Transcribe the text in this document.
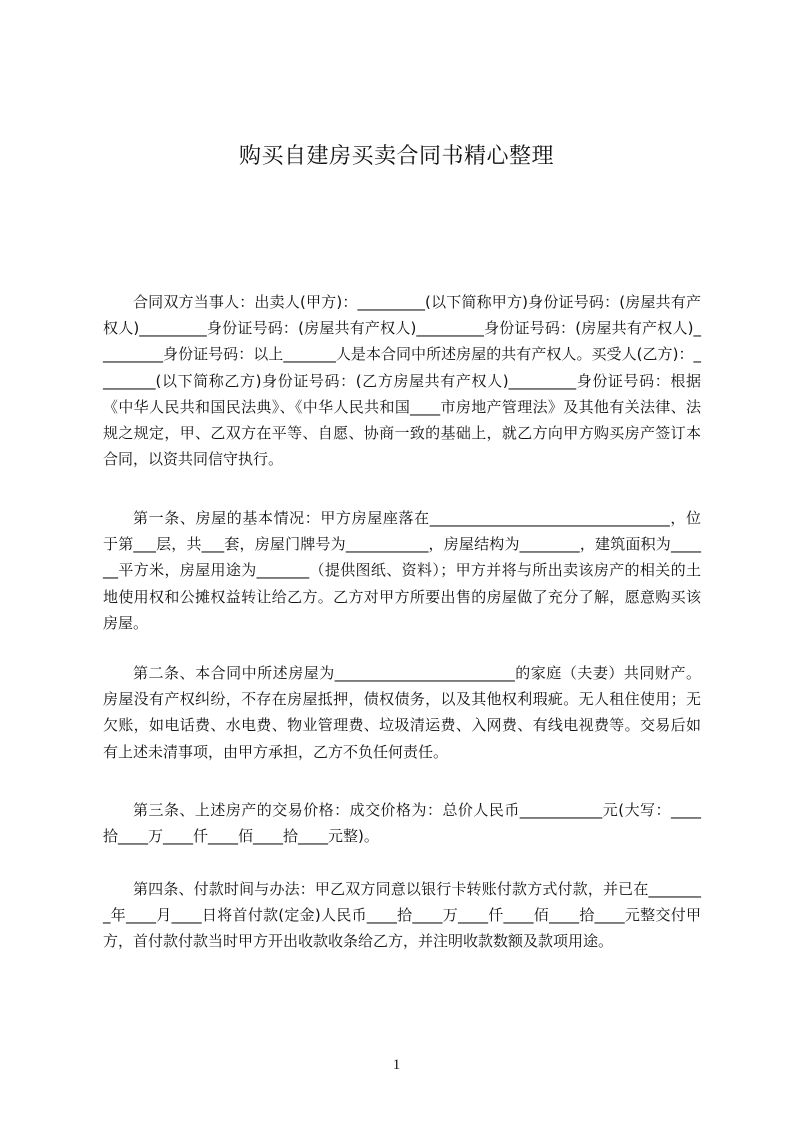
购买自建房买卖合同书精心整理

合同双方当事人：出卖人(甲方)：_________(以下简称甲方)身份证号码：(房屋共有产权人)_________身份证号码：(房屋共有产权人)_________身份证号码：(房屋共有产权人)_________身份证号码：以上_______人是本合同中所述房屋的共有产权人。买受人(乙方)：________(以下简称乙方)身份证号码：(乙方房屋共有产权人)_________身份证号码：根据《中华人民共和国民法典》、《中华人民共和国____市房地产管理法》及其他有关法律、法规之规定，甲、乙双方在平等、自愿、协商一致的基础上，就乙方向甲方购买房产签订本合同，以资共同信守执行。

第一条、房屋的基本情况：甲方房屋座落在________________________________，位于第___层，共___套，房屋门牌号为___________，房屋结构为________，建筑面积为______平方米，房屋用途为_______（提供图纸、资料）；甲方并将与所出卖该房产的相关的土地使用权和公摊权益转让给乙方。乙方对甲方所要出售的房屋做了充分了解，愿意购买该房屋。

第二条、本合同中所述房屋为________________________的家庭（夫妻）共同财产。房屋没有产权纠纷，不存在房屋抵押，债权债务，以及其他权利瑕疵。无人租住使用；无欠账，如电话费、水电费、物业管理费、垃圾清运费、入网费、有线电视费等。交易后如有上述未清事项，由甲方承担，乙方不负任何责任。

第三条、上述房产的交易价格：成交价格为：总价人民币___________元(大写：____拾____万____仟____佰____拾____元整)。

第四条、付款时间与办法：甲乙双方同意以银行卡转账付款方式付款，并已在________年____月____日将首付款(定金)人民币____拾____万____仟____佰____拾____元整交付甲方，首付款付款当时甲方开出收款收条给乙方，并注明收款数额及款项用途。

1
